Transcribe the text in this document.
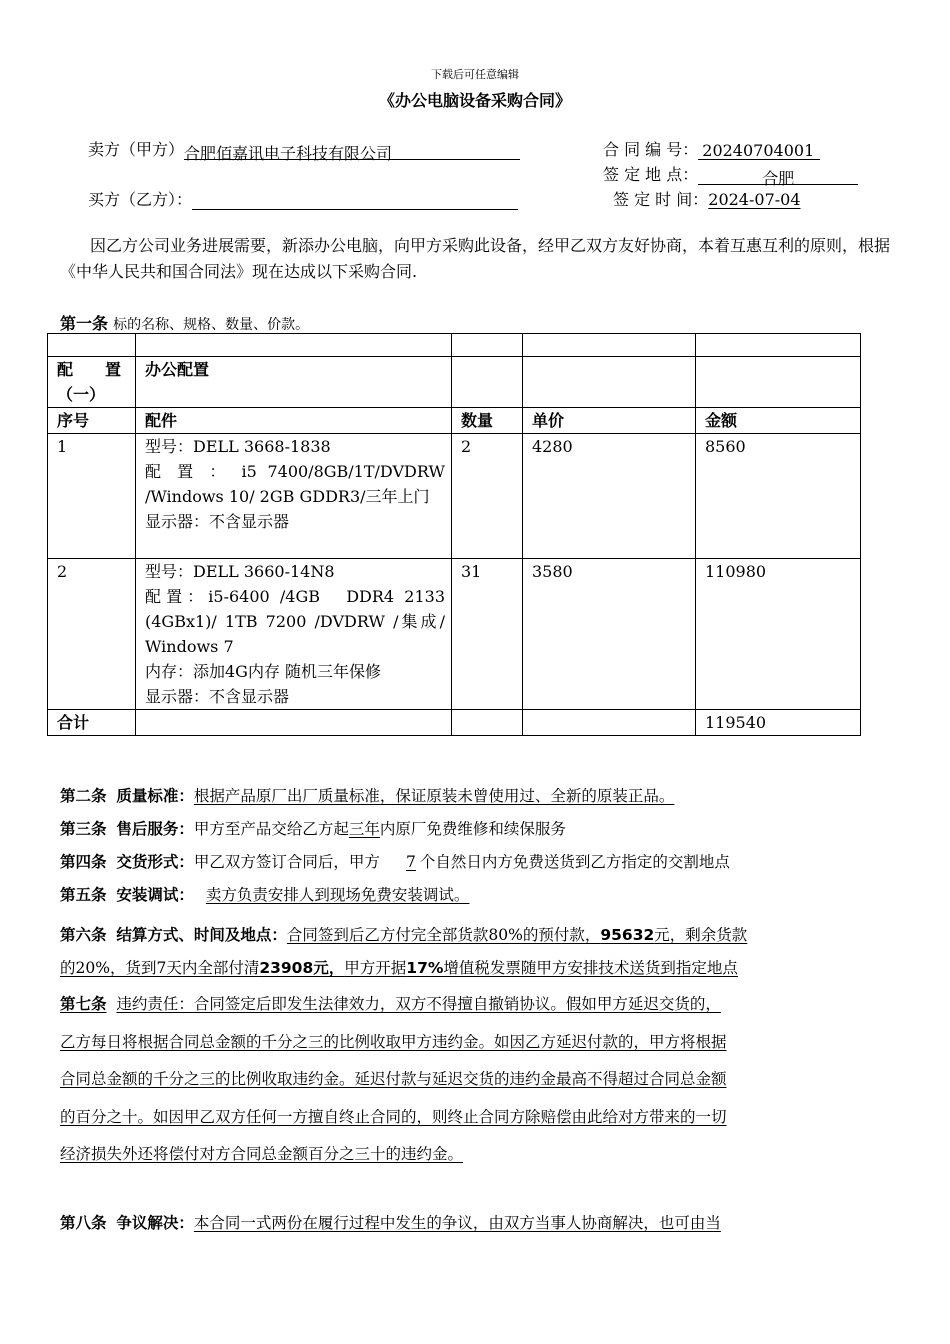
下载后可任意编辑
《办公电脑设备采购合同》
卖方（甲方）合肥佰嘉讯电子科技有限公司	合 同 编 号： 20240704001
签 定 地 点：	合肥
买方（乙方）：	签 定 时 间：2024-07-04
因乙方公司业务进展需要，新添办公电脑，向甲方采购此设备，经甲乙双方友好协商，本着互惠互利的原则，根据《中华人民共和国合同法》现在达成以下采购合同.
第一条 标的名称、规格、数量、价款。

配　　置（一）	办公配置			
序号	配件	数量	单价	金额
1	型号：DELL 3668-1838
配 置 ： i5 7400/8GB/1T/DVDRW /Windows 10/ 2GB GDDR3/三年上门
显示器：不含显示器	2	4280	8560
2	型号：DELL 3660-14N8
配置：i5-6400 /4GB　DDR4 2133 (4GBx1)/ 1TB 7200 /DVDRW /集成/ Windows 7
内存：添加4G内存 随机三年保修
显示器：不含显示器	31	3580	110980
合计				119540
第二条 质量标准：根据产品原厂出厂质量标准，保证原装未曾使用过、全新的原装正品。
第三条 售后服务：甲方至产品交给乙方起三年内原厂免费维修和续保服务
第四条 交货形式：甲乙双方签订合同后，甲方 7 个自然日内方免费送货到乙方指定的交割地点
第五条 安装调试： 卖方负责安排人到现场免费安装调试。
第六条 结算方式、时间及地点：合同签到后乙方付完全部货款80%的预付款，95632元，剩余货款
的20%，货到7天内全部付清23908元，甲方开据17%增值税发票随甲方安排技术送货到指定地点
第七条 违约责任：合同签定后即发生法律效力，双方不得擅自撤销协议。假如甲方延迟交货的，
乙方每日将根据合同总金额的千分之三的比例收取甲方违约金。如因乙方延迟付款的，甲方将根据
合同总金额的千分之三的比例收取违约金。延迟付款与延迟交货的违约金最高不得超过合同总金额
的百分之十。如因甲乙双方任何一方擅自终止合同的，则终止合同方除赔偿由此给对方带来的一切
经济损失外还将偿付对方合同总金额百分之三十的违约金。
第八条 争议解决：本合同一式两份在履行过程中发生的争议，由双方当事人协商解决，也可由当
